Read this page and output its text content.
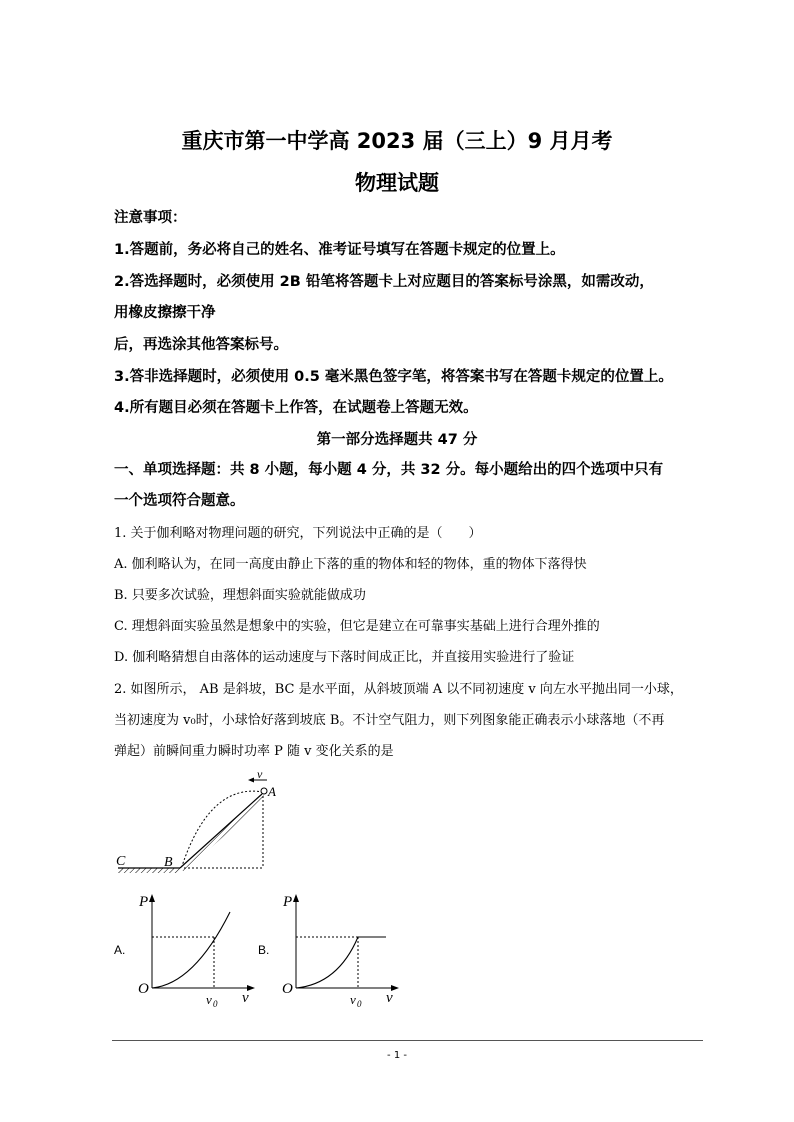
重庆市第一中学高 2023 届（三上）9 月月考
物理试题
注意事项：
1.答题前，务必将自己的姓名、准考证号填写在答题卡规定的位置上。
2.答选择题时，必须使用 2B 铅笔将答题卡上对应题目的答案标号涂黑，如需改动，
用橡皮擦擦干净
后，再选涂其他答案标号。
3.答非选择题时，必须使用 0.5 毫米黑色签字笔，将答案书写在答题卡规定的位置上。
4.所有题目必须在答题卡上作答，在试题卷上答题无效。
第一部分选择题共 47 分
一、单项选择题：共 8 小题，每小题 4 分，共 32 分。每小题给出的四个选项中只有
一个选项符合题意。
1. 关于伽利略对物理问题的研究，下列说法中正确的是（　　）
A. 伽利略认为，在同一高度由静止下落的重的物体和轻的物体，重的物体下落得快
B. 只要多次试验，理想斜面实验就能做成功
C. 理想斜面实验虽然是想象中的实验，但它是建立在可靠事实基础上进行合理外推的
D. 伽利略猜想自由落体的运动速度与下落时间成正比，并直接用实验进行了验证
2. 如图所示， AB 是斜坡，BC 是水平面，从斜坡顶端 A 以不同初速度 v 向左水平抛出同一小球，
当初速度为 v₀时，小球恰好落到坡底 B。不计空气阻力，则下列图象能正确表示小球落地（不再
弹起）前瞬间重力瞬时功率 P 随 v 变化关系的是
v
A
B
C
A.
P
O
v
v 0
B.
P
O
v
v 0
- 1 -
